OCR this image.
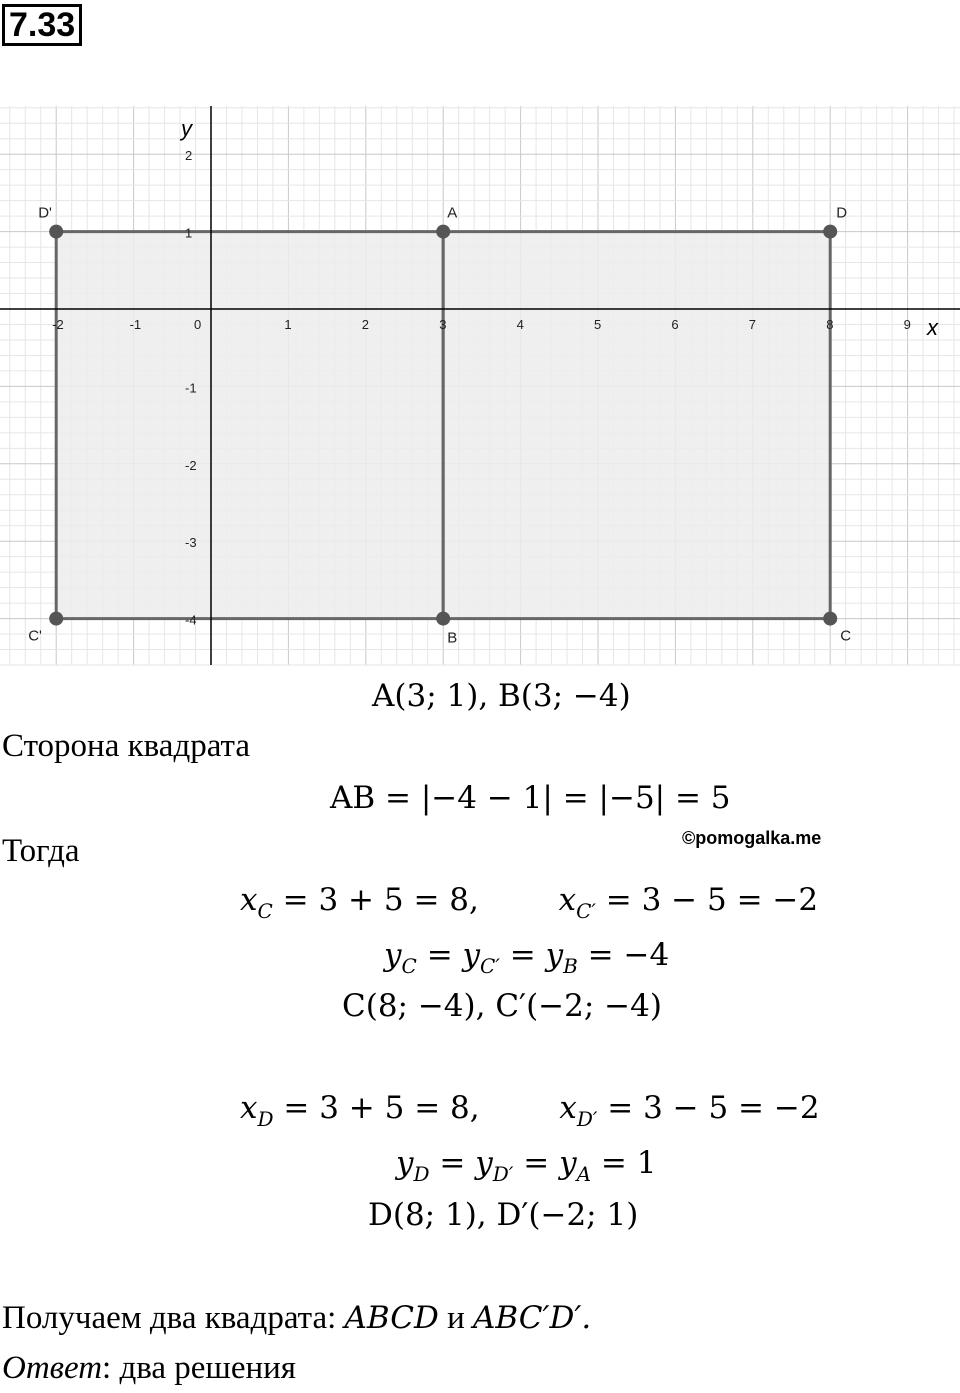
7.33
-2	-1	0	1	2	3	4	5	6	7	8	9
2
1
-1
-2
-3
-4
x
y
D'	A	D
C'	B	C
A(3; 1), B(3; −4)
Сторона квадрата
AB = |−4 − 1| = |−5| = 5
©pomogalka.me
Тогда
$x_C = 3 + 5 = 8$,	$x_{C'} = 3 - 5 = -2$
$y_C = y_{C'} = y_B = -4$
C(8; −4), C′(−2; −4)
$x_D = 3 + 5 = 8$,	$x_{D'} = 3 - 5 = -2$
$y_D = y_{D'} = y_A = 1$
D(8; 1), D′(−2; 1)
Получаем два квадрата: ABCD и ABC′D′.
Ответ: два решения
